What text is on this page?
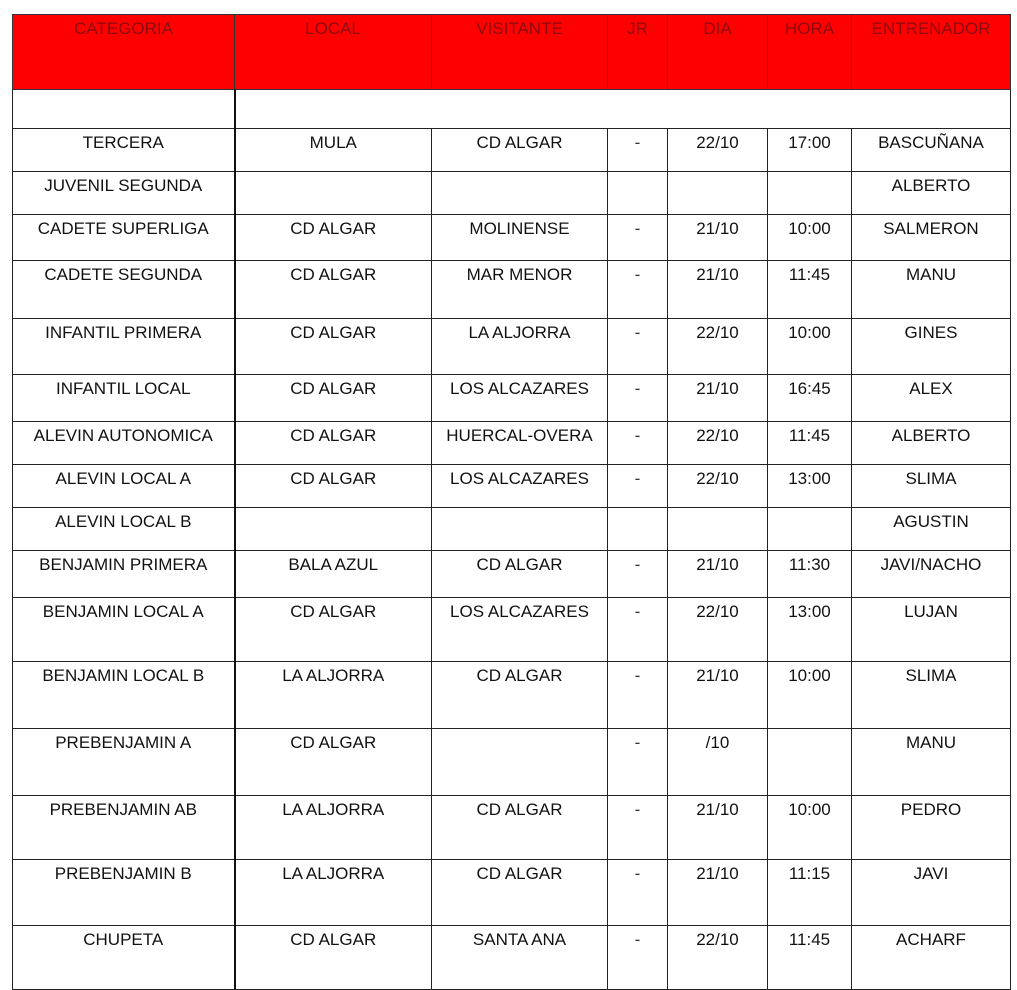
CATEGORIA	LOCAL	VISITANTE	JR	DIA	HORA	ENTRENADOR

TERCERA	MULA	CD ALGAR	-	22/10	17:00	BASCUÑANA
JUVENIL SEGUNDA						ALBERTO
CADETE SUPERLIGA	CD ALGAR	MOLINENSE	-	21/10	10:00	SALMERON
CADETE SEGUNDA	CD ALGAR	MAR MENOR	-	21/10	11:45	MANU
INFANTIL PRIMERA	CD ALGAR	LA ALJORRA	-	22/10	10:00	GINES
INFANTIL LOCAL	CD ALGAR	LOS ALCAZARES	-	21/10	16:45	ALEX
ALEVIN AUTONOMICA	CD ALGAR	HUERCAL-OVERA	-	22/10	11:45	ALBERTO
ALEVIN LOCAL A	CD ALGAR	LOS ALCAZARES	-	22/10	13:00	SLIMA
ALEVIN LOCAL B						AGUSTIN
BENJAMIN PRIMERA	BALA AZUL	CD ALGAR	-	21/10	11:30	JAVI/NACHO
BENJAMIN LOCAL A	CD ALGAR	LOS ALCAZARES	-	22/10	13:00	LUJAN
BENJAMIN LOCAL B	LA ALJORRA	CD ALGAR	-	21/10	10:00	SLIMA
PREBENJAMIN A	CD ALGAR		-	/10		MANU
PREBENJAMIN AB	LA ALJORRA	CD ALGAR	-	21/10	10:00	PEDRO
PREBENJAMIN B	LA ALJORRA	CD ALGAR	-	21/10	11:15	JAVI
CHUPETA	CD ALGAR	SANTA ANA	-	22/10	11:45	ACHARF
